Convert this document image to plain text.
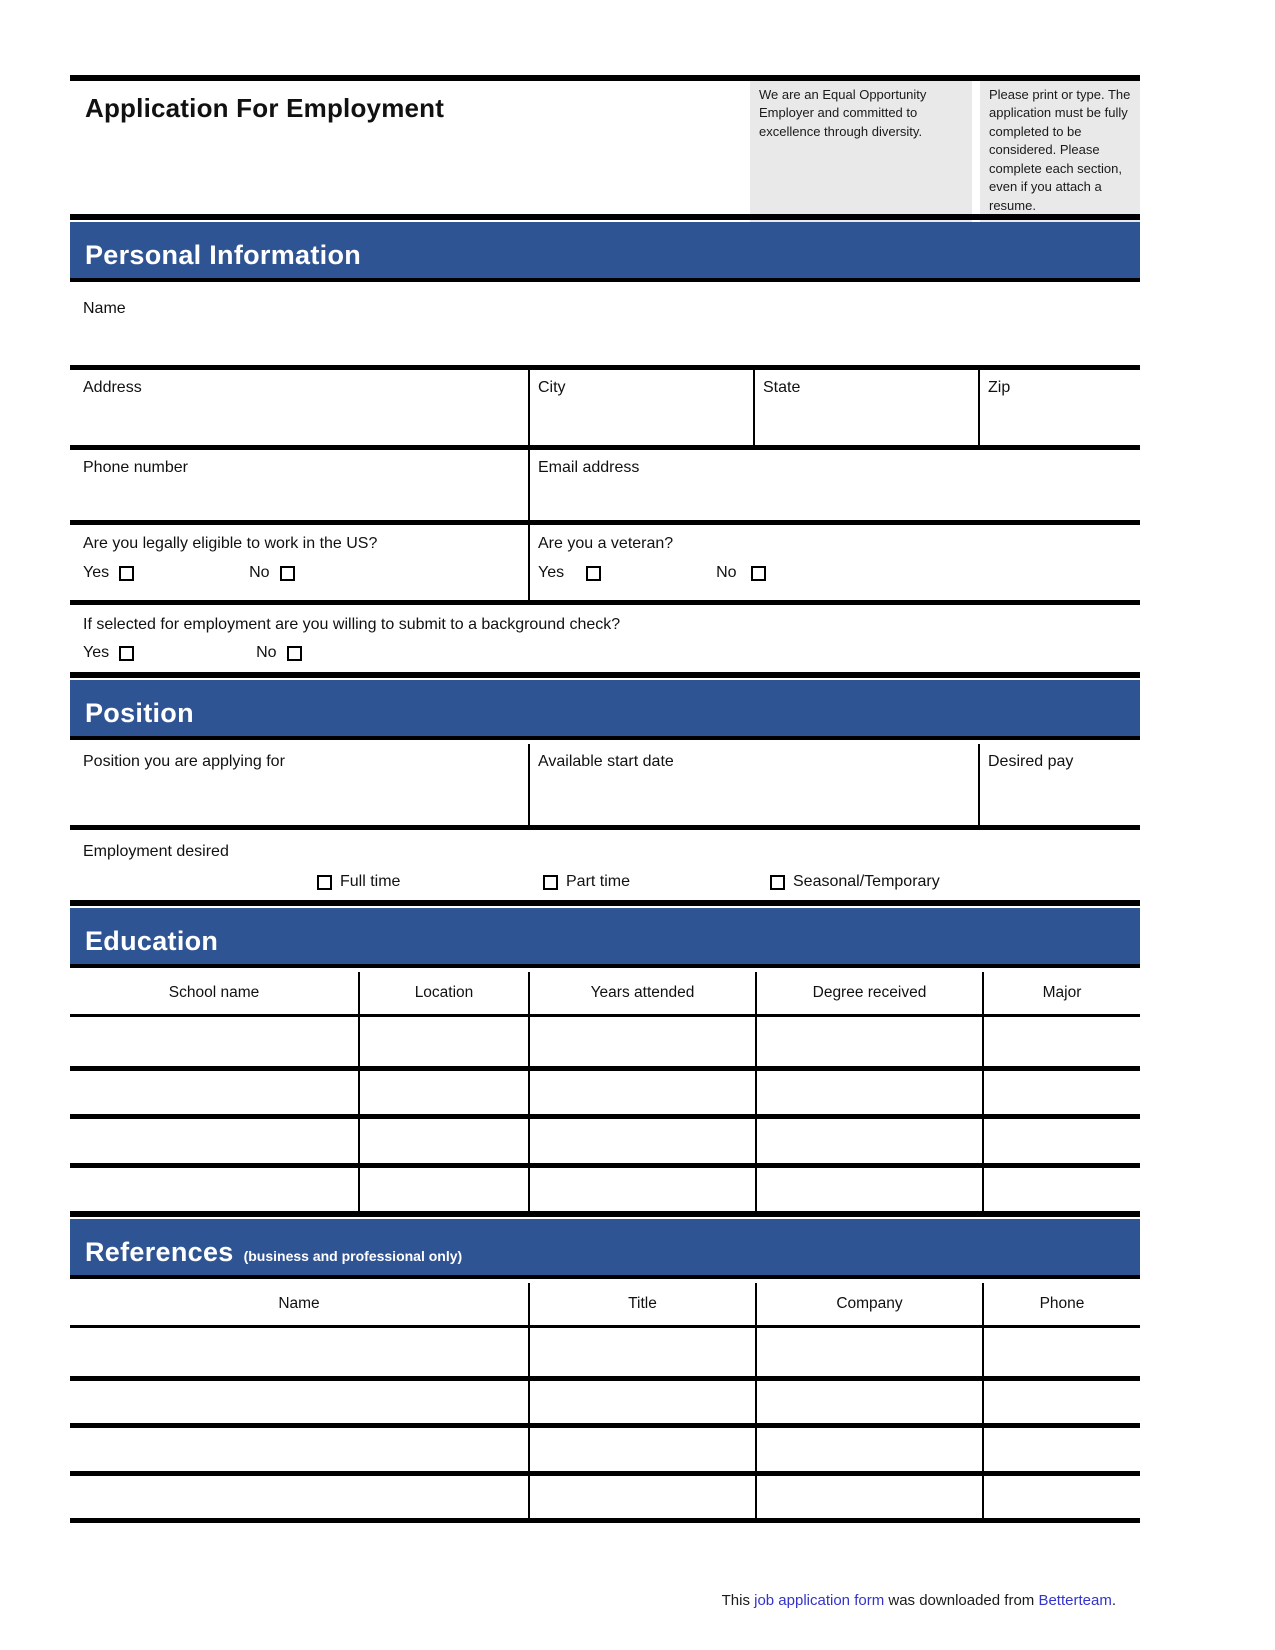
Application For Employment	We are an Equal Opportunity Employer and committed to excellence through diversity.
Please print or type. The application must be fully completed to be considered. Please complete each section, even if you attach a resume.
Personal Information
Name
Address	City	State	Zip
Phone number	Email address
Are you legally eligible to work in the US?
Yes	No
Are you a veteran?
Yes	No
If selected for employment are you willing to submit to a background check?
Yes	No
Position
Position you are applying for	Available start date	Desired pay
Employment desired
Full time	Part time	Seasonal/Temporary
Education
School name	Location	Years attended	Degree received	Major
References (business and professional only)
Name	Title	Company	Phone
This job application form was downloaded from Betterteam.
